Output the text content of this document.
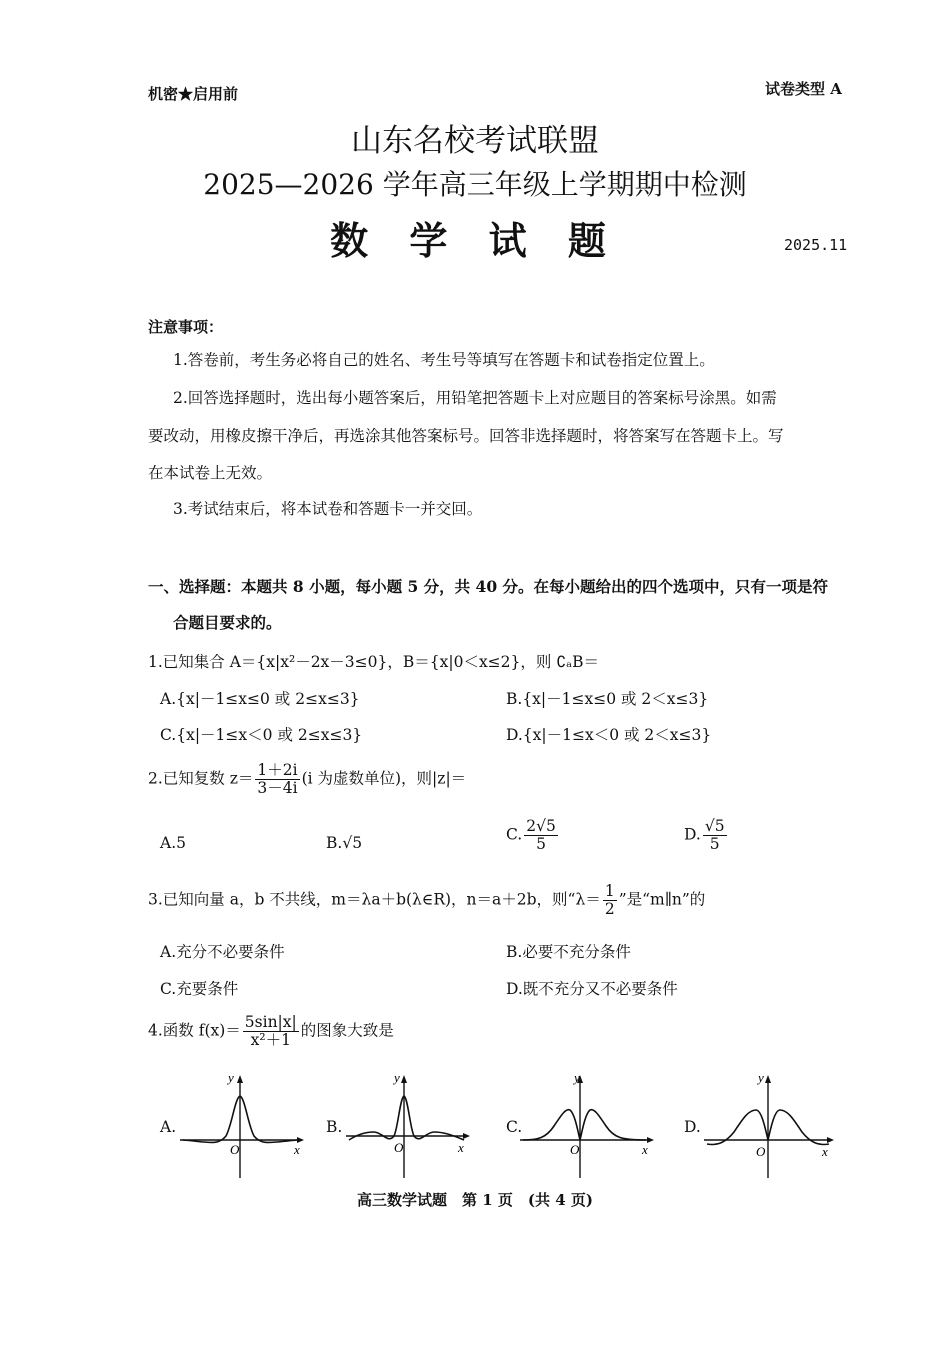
机密★启用前	试卷类型 A
山东名校考试联盟
2025—2026 学年高三年级上学期期中检测
数 学 试 题	2025.11
注意事项：
1.答卷前，考生务必将自己的姓名、考生号等填写在答题卡和试卷指定位置上。
2.回答选择题时，选出每小题答案后，用铅笔把答题卡上对应题目的答案标号涂黑。如需
要改动，用橡皮擦干净后，再选涂其他答案标号。回答非选择题时，将答案写在答题卡上。写
在本试卷上无效。
3.考试结束后，将本试卷和答题卡一并交回。
一、选择题：本题共 8 小题，每小题 5 分，共 40 分。在每小题给出的四个选项中，只有一项是符
合题目要求的。
1.已知集合 A＝{x|x²－2x－3≤0}，B＝{x|0＜x≤2}，则 ∁ₐB＝
A.{x|－1≤x≤0 或 2≤x≤3}	B.{x|－1≤x≤0 或 2＜x≤3}
C.{x|－1≤x＜0 或 2≤x≤3}	D.{x|－1≤x＜0 或 2＜x≤3}
2.已知复数 $z= \frac{1+2i}{3-4i} (i$ 为虚数单位)，则|z|＝
A.5	B.√5	C. $\frac{2√5}{5}$	D. $\frac{√5}{5}$
3.已知向量 a，b 不共线，m＝λa＋b(λ∈R)，n＝a＋2b，则“$\lambda= \frac{1}{2}$ ”是“m∥n”的
A.充分不必要条件	B.必要不充分条件
C.充要条件	D.既不充分又不必要条件
4.函数 $f(x)= \frac{5\sin|x|}{\text{x²＋1}}$ 的图象大致是
A.
y
x
O
B.
y
x
O
C.
y
x
O
D.
y
x
O
高三数学试题　第 1 页　(共 4 页)
